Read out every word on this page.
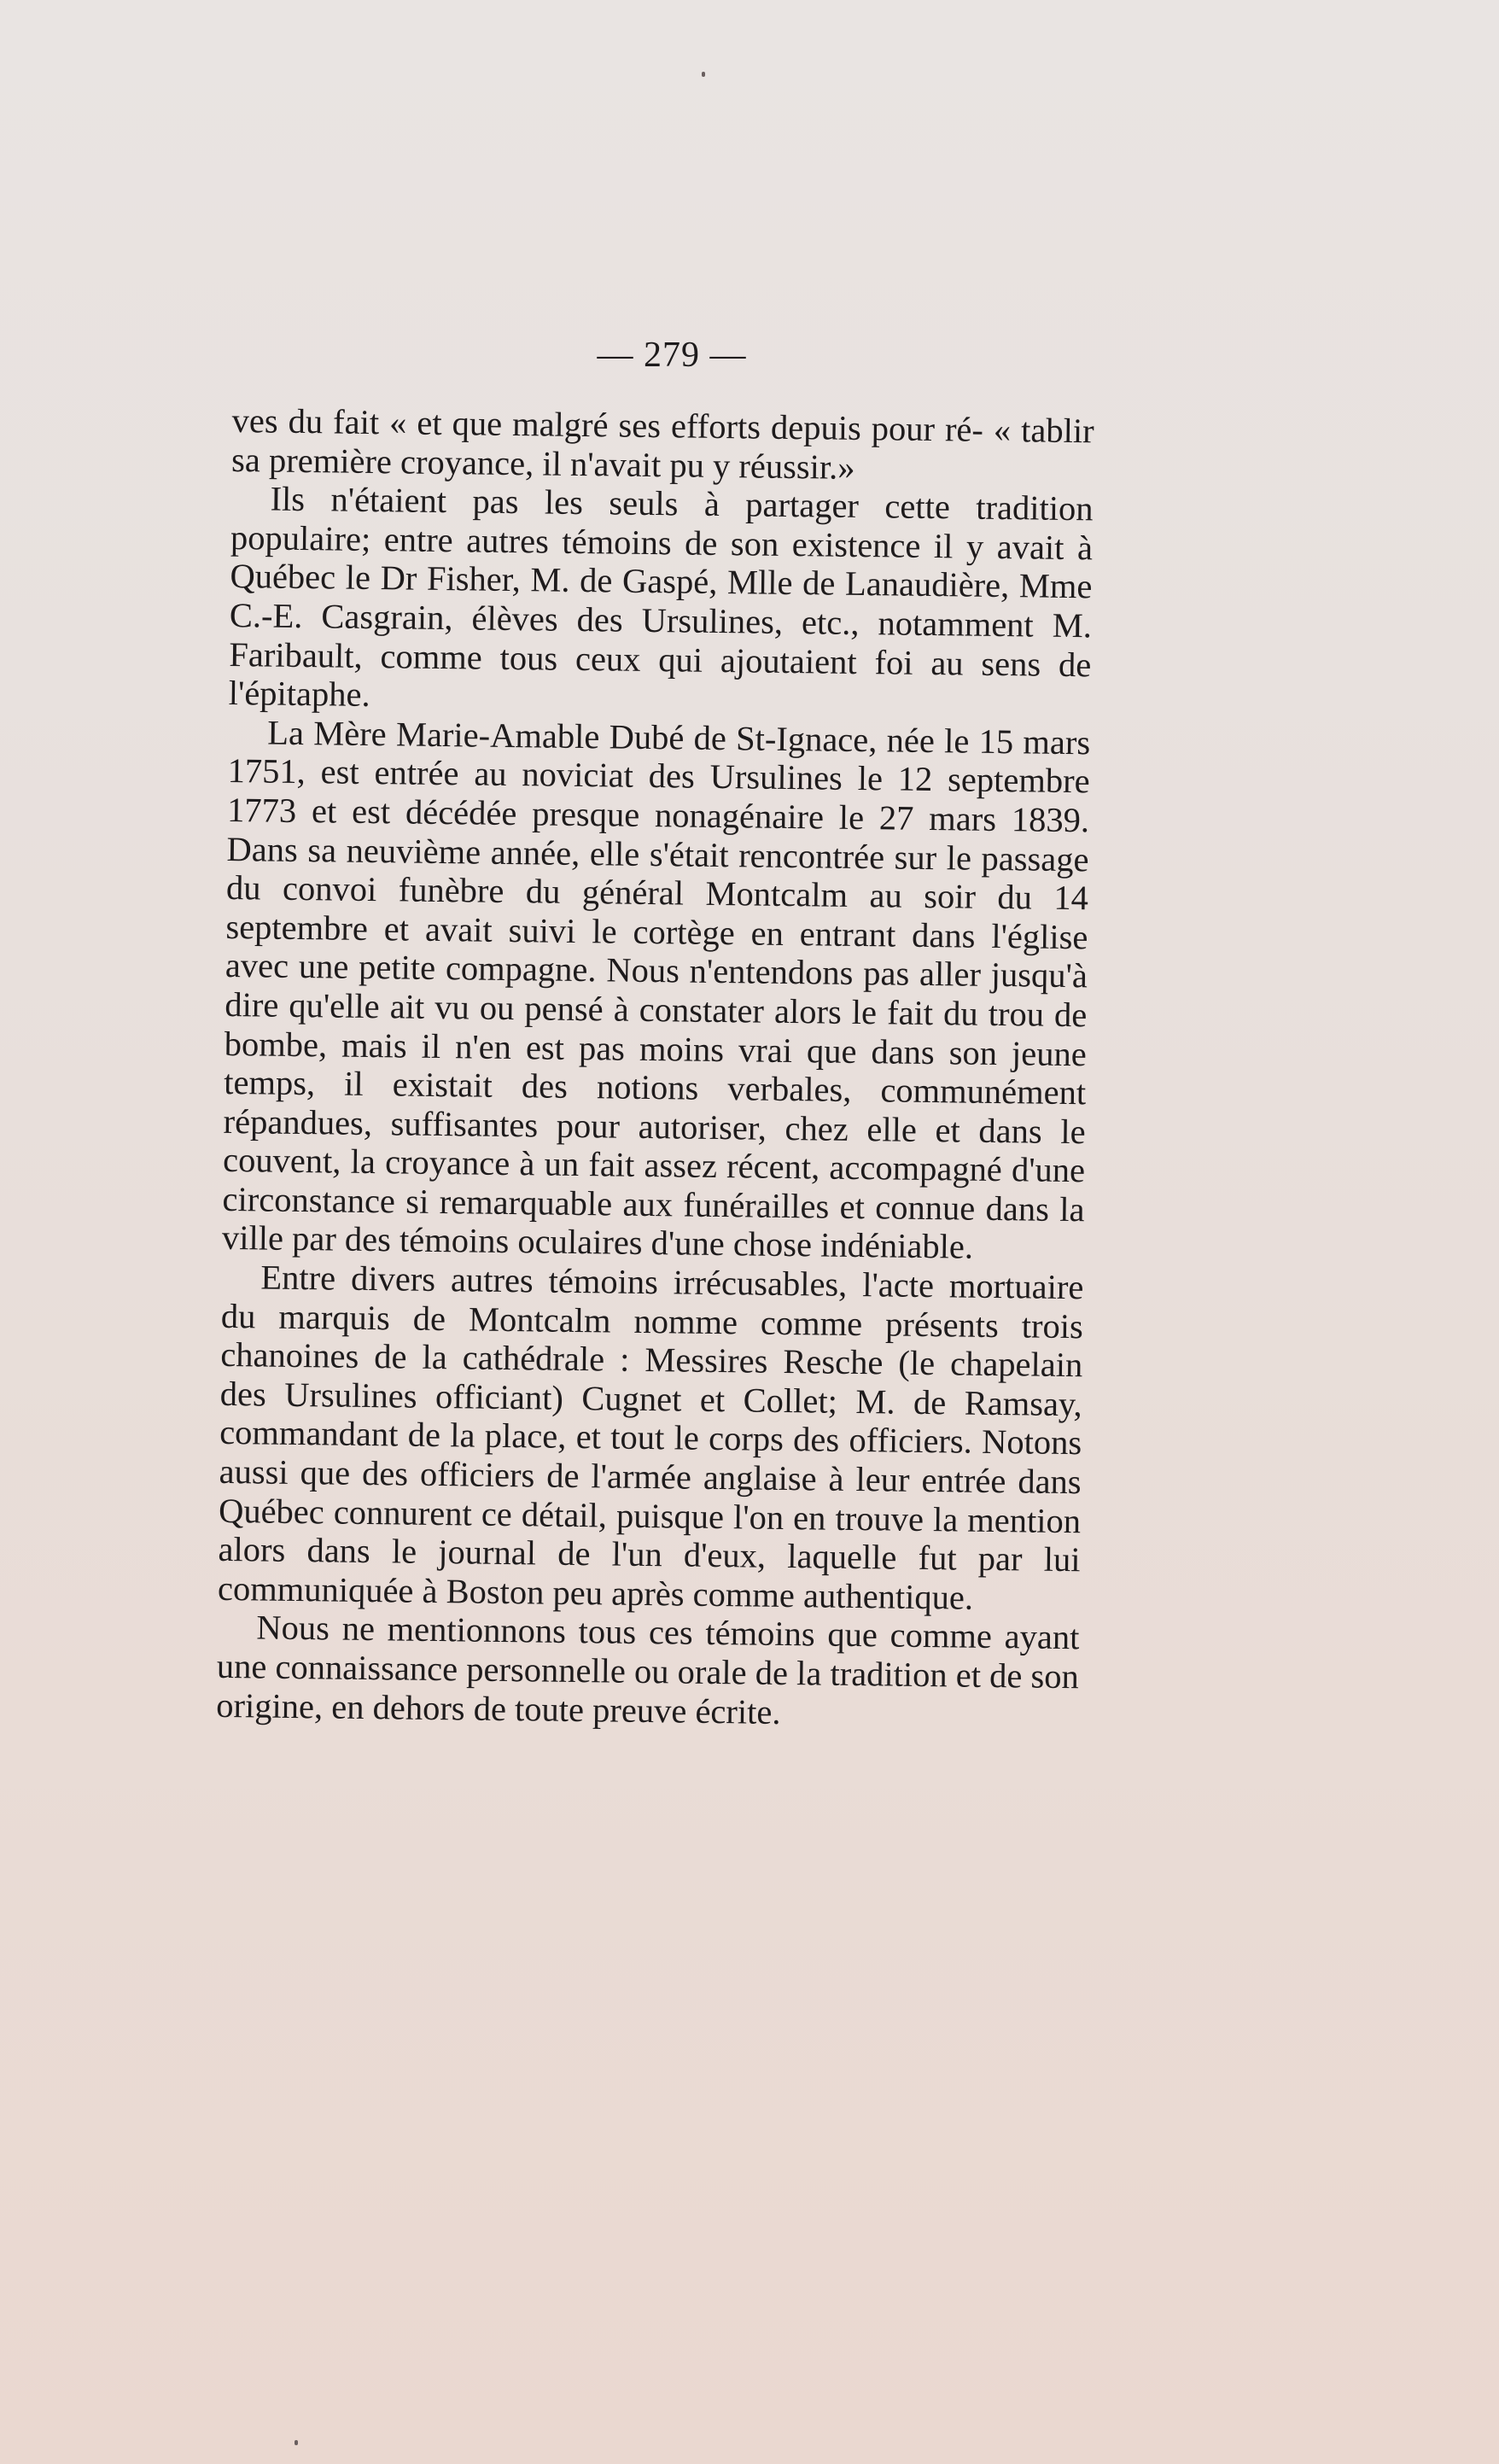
— 279 —

ves du fait « et que malgré ses efforts depuis pour ré- « tablir sa première croyance, il n'avait pu y réussir.»

Ils n'étaient pas les seuls à partager cette tradition populaire; entre autres témoins de son existence il y avait à Québec le Dr Fisher, M. de Gaspé, Mlle de Lanaudière, Mme C.-E. Casgrain, élèves des Ursulines, etc., notamment M. Faribault, comme tous ceux qui ajoutaient foi au sens de l'épitaphe.

La Mère Marie-Amable Dubé de St-Ignace, née le 15 mars 1751, est entrée au noviciat des Ursulines le 12 septembre 1773 et est décédée presque nonagénaire le 27 mars 1839. Dans sa neuvième année, elle s'était rencontrée sur le passage du convoi funèbre du général Montcalm au soir du 14 septembre et avait suivi le cortège en entrant dans l'église avec une petite compagne. Nous n'entendons pas aller jusqu'à dire qu'elle ait vu ou pensé à constater alors le fait du trou de bombe, mais il n'en est pas moins vrai que dans son jeune temps, il existait des notions verbales, communément répandues, suffisantes pour autoriser, chez elle et dans le couvent, la croyance à un fait assez récent, accompagné d'une circonstance si remarquable aux funérailles et connue dans la ville par des témoins oculaires d'une chose indéniable.

Entre divers autres témoins irrécusables, l'acte mortuaire du marquis de Montcalm nomme comme présents trois chanoines de la cathédrale : Messires Resche (le chapelain des Ursulines officiant) Cugnet et Collet; M. de Ramsay, commandant de la place, et tout le corps des officiers. Notons aussi que des officiers de l'armée anglaise à leur entrée dans Québec connurent ce détail, puisque l'on en trouve la mention alors dans le journal de l'un d'eux, laquelle fut par lui communiquée à Boston peu après comme authentique.

Nous ne mentionnons tous ces témoins que comme ayant une connaissance personnelle ou orale de la tradition et de son origine, en dehors de toute preuve écrite.
